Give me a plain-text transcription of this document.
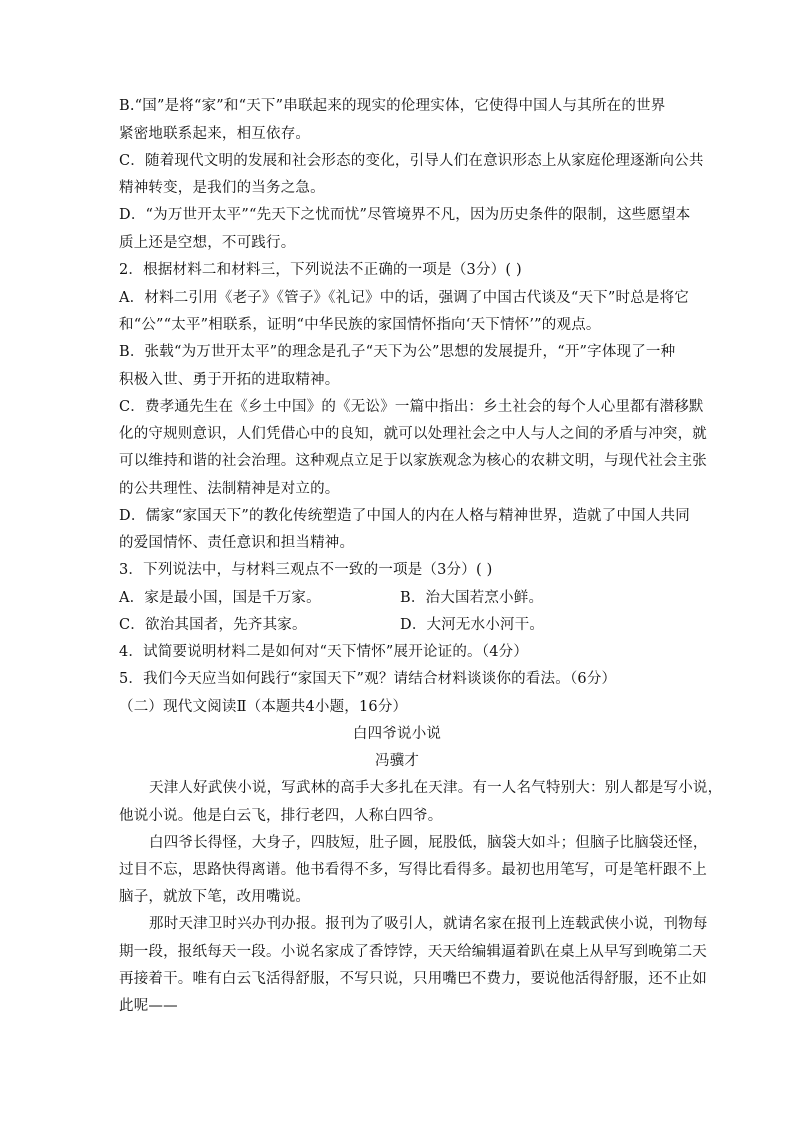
B.“国”是将“家”和“天下”串联起来的现实的伦理实体，它使得中国人与其所在的世界
紧密地联系起来，相互依存。
C．随着现代文明的发展和社会形态的变化，引导人们在意识形态上从家庭伦理逐渐向公共
精神转变，是我们的当务之急。
D．“为万世开太平”“先天下之忧而忧”尽管境界不凡，因为历史条件的限制，这些愿望本
质上还是空想，不可践行。
2．根据材料二和材料三，下列说法不正确的一项是（3分）( )
A．材料二引用《老子》《管子》《礼记》中的话，强调了中国古代谈及“天下”时总是将它
和“公”“太平”相联系，证明“中华民族的家国情怀指向‘天下情怀’”的观点。
B．张载“为万世开太平”的理念是孔子“天下为公”思想的发展提升，“开”字体现了一种
积极入世、勇于开拓的进取精神。
C．费孝通先生在《乡土中国》的《无讼》一篇中指出：乡土社会的每个人心里都有潜移默
化的守规则意识，人们凭借心中的良知，就可以处理社会之中人与人之间的矛盾与冲突，就
可以维持和谐的社会治理。这种观点立足于以家族观念为核心的农耕文明，与现代社会主张
的公共理性、法制精神是对立的。
D．儒家“家国天下”的教化传统塑造了中国人的内在人格与精神世界，造就了中国人共同
的爱国情怀、责任意识和担当精神。
3．下列说法中，与材料三观点不一致的一项是（3分）( )
A．家是最小国，国是千万家。	B．治大国若烹小鲜。
C．欲治其国者，先齐其家。	D．大河无水小河干。
4．试简要说明材料二是如何对“天下情怀”展开论证的。（4分）
5．我们今天应当如何践行“家国天下”观？请结合材料谈谈你的看法。（6分）
（二）现代文阅读Ⅱ（本题共4小题，16分）
白四爷说小说
冯骥才
天津人好武侠小说，写武林的高手大多扎在天津。有一人名气特别大：别人都是写小说，
他说小说。他是白云飞，排行老四，人称白四爷。
白四爷长得怪，大身子，四肢短，肚子圆，屁股低，脑袋大如斗；但脑子比脑袋还怪，
过目不忘，思路快得离谱。他书看得不多，写得比看得多。最初也用笔写，可是笔杆跟不上
脑子，就放下笔，改用嘴说。
那时天津卫时兴办刊办报。报刊为了吸引人，就请名家在报刊上连载武侠小说，刊物每
期一段，报纸每天一段。小说名家成了香饽饽，天天给编辑逼着趴在桌上从早写到晚第二天
再接着干。唯有白云飞活得舒服，不写只说，只用嘴巴不费力，要说他活得舒服，还不止如
此呢——
